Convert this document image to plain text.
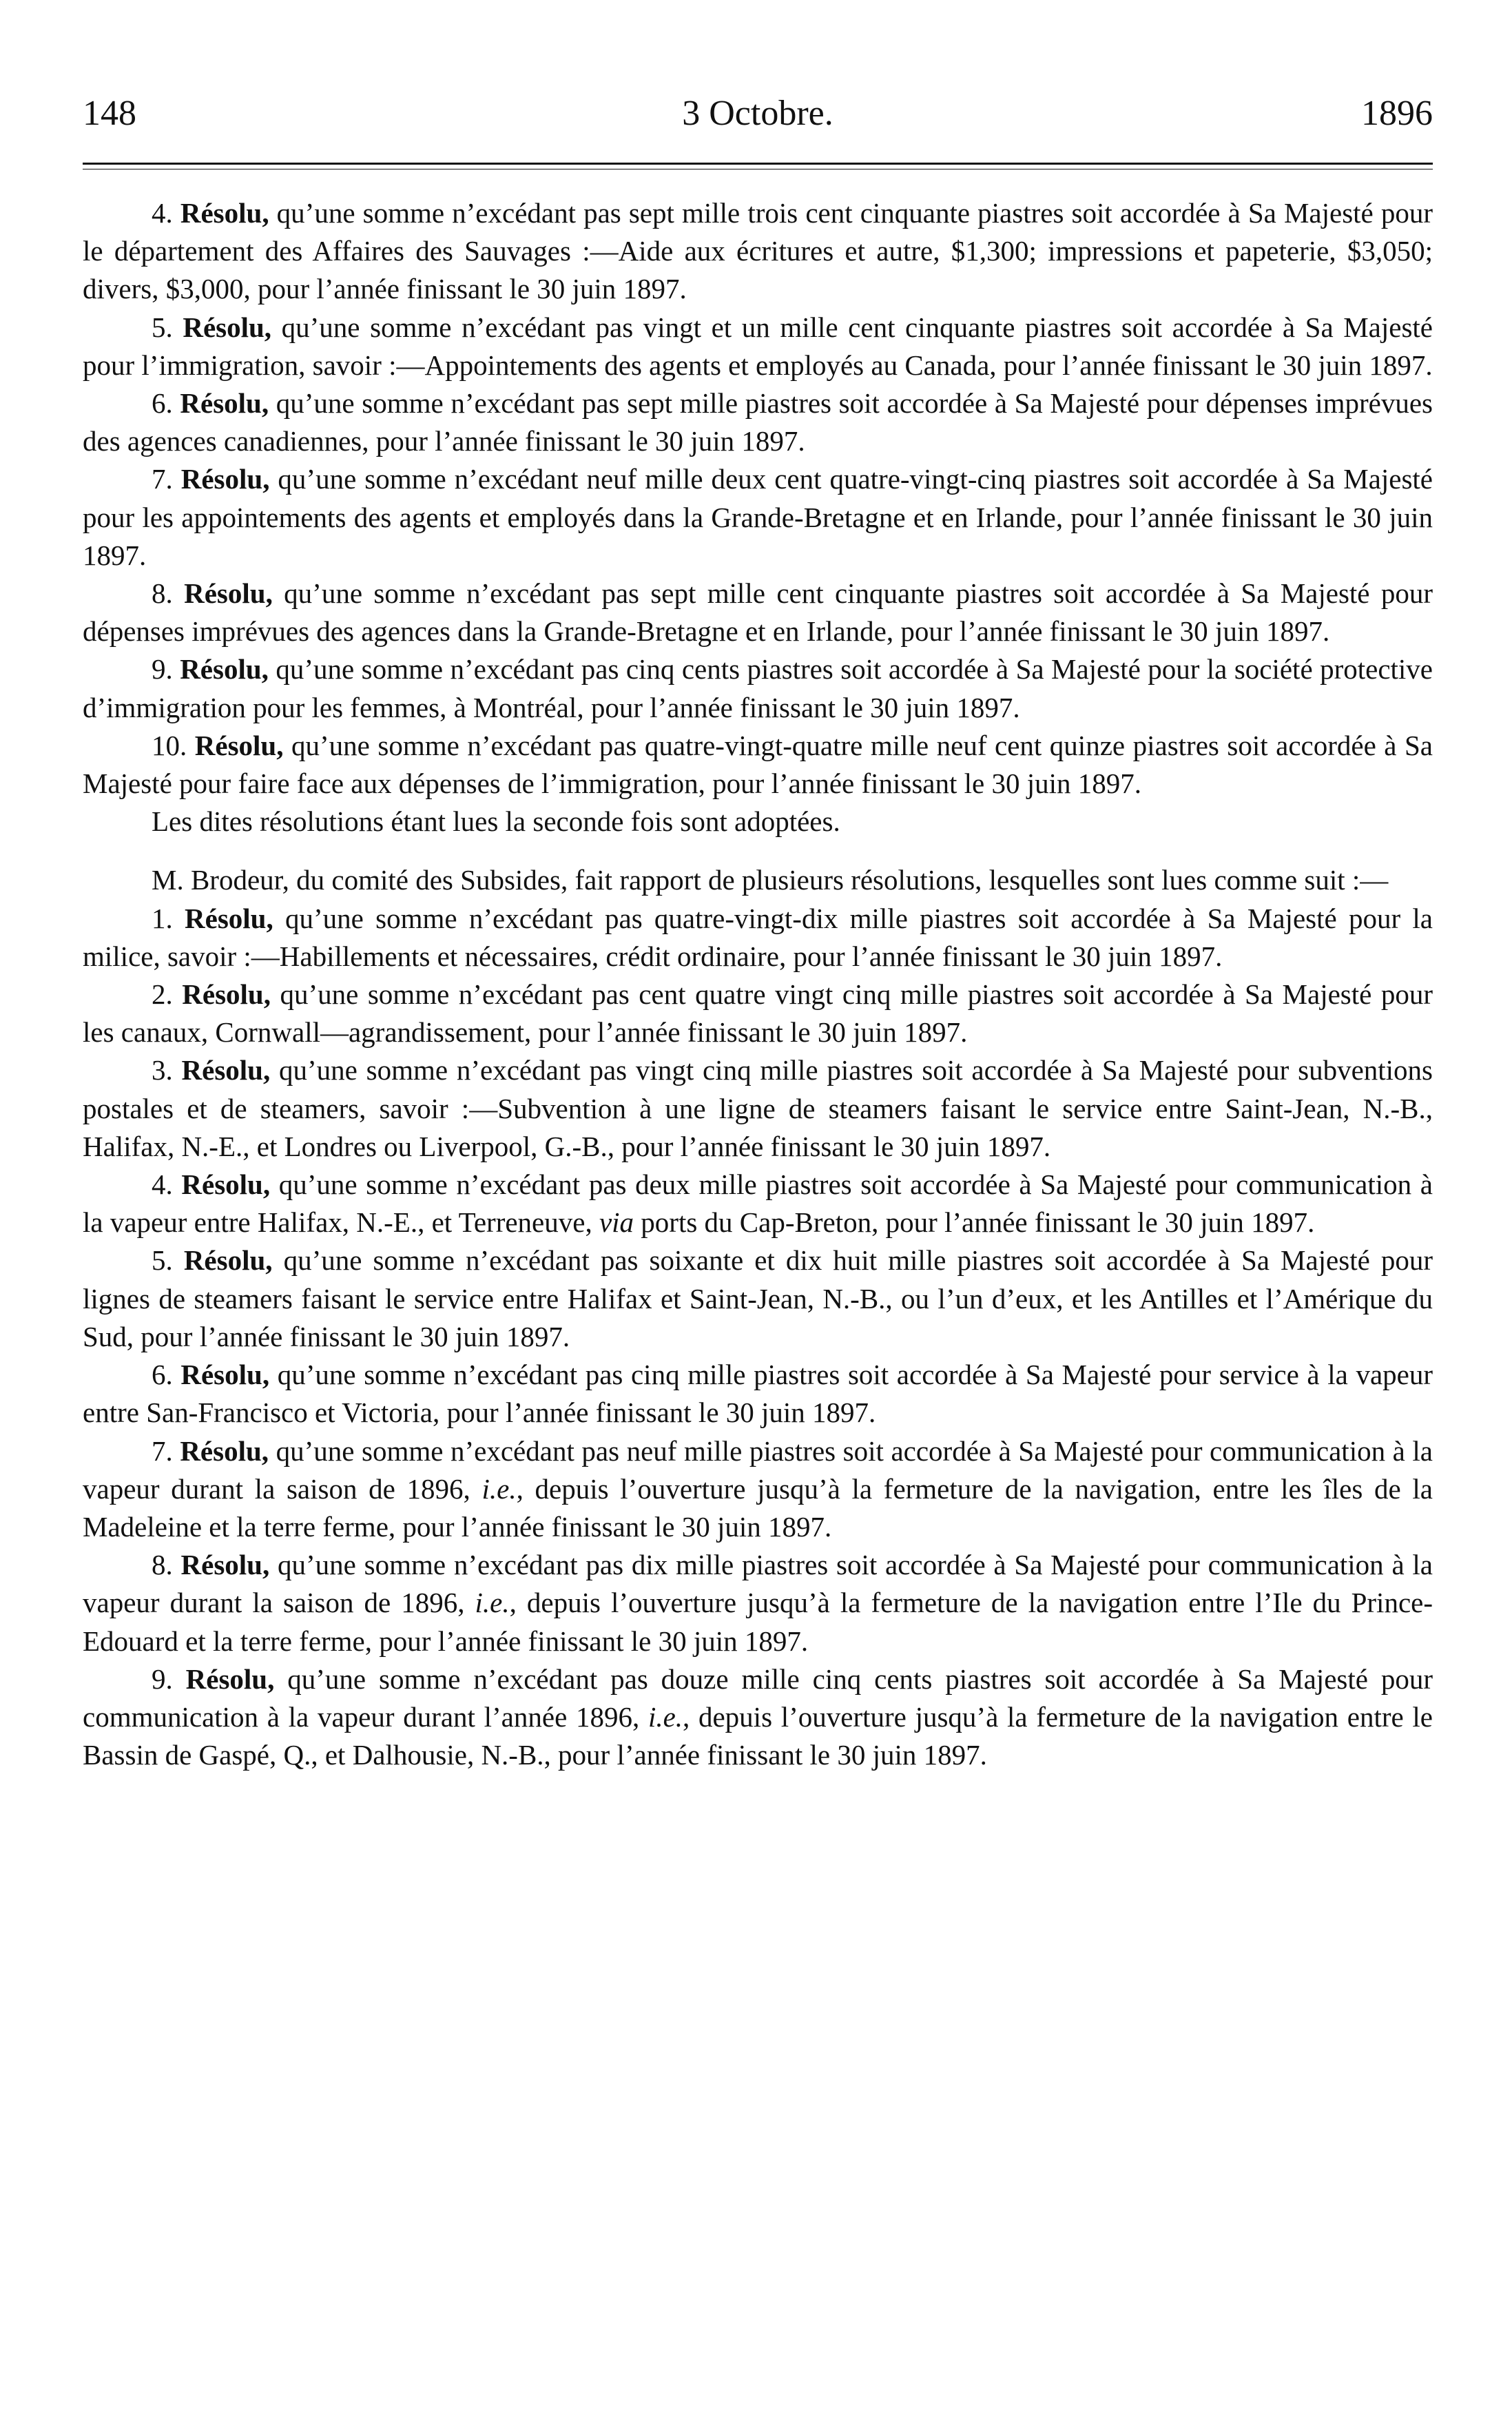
148	3 Octobre.	1896

4. Résolu, qu’une somme n’excédant pas sept mille trois cent cinquante piastres soit accordée à Sa Majesté pour le département des Affaires des Sauvages :—Aide aux écritures et autre, $1,300; impressions et papeterie, $3,050; divers, $3,000, pour l’année finissant le 30 juin 1897.

5. Résolu, qu’une somme n’excédant pas vingt et un mille cent cinquante piastres soit accordée à Sa Majesté pour l’immigration, savoir :—Appointements des agents et employés au Canada, pour l’année finissant le 30 juin 1897.

6. Résolu, qu’une somme n’excédant pas sept mille piastres soit accordée à Sa Majesté pour dépenses imprévues des agences canadiennes, pour l’année finissant le 30 juin 1897.

7. Résolu, qu’une somme n’excédant neuf mille deux cent quatre-vingt-cinq piastres soit accordée à Sa Majesté pour les appointements des agents et employés dans la Grande-Bretagne et en Irlande, pour l’année finissant le 30 juin 1897.

8. Résolu, qu’une somme n’excédant pas sept mille cent cinquante piastres soit accordée à Sa Majesté pour dépenses imprévues des agences dans la Grande-Bretagne et en Irlande, pour l’année finissant le 30 juin 1897.

9. Résolu, qu’une somme n’excédant pas cinq cents piastres soit accordée à Sa Majesté pour la société protective d’immigration pour les femmes, à Montréal, pour l’année finissant le 30 juin 1897.

10. Résolu, qu’une somme n’excédant pas quatre-vingt-quatre mille neuf cent quinze piastres soit accordée à Sa Majesté pour faire face aux dépenses de l’immigration, pour l’année finissant le 30 juin 1897.

Les dites résolutions étant lues la seconde fois sont adoptées.

M. Brodeur, du comité des Subsides, fait rapport de plusieurs résolutions, lesquelles sont lues comme suit :—

1. Résolu, qu’une somme n’excédant pas quatre-vingt-dix mille piastres soit accordée à Sa Majesté pour la milice, savoir :—Habillements et nécessaires, crédit ordinaire, pour l’année finissant le 30 juin 1897.

2. Résolu, qu’une somme n’excédant pas cent quatre vingt cinq mille piastres soit accordée à Sa Majesté pour les canaux, Cornwall—agrandissement, pour l’année finissant le 30 juin 1897.

3. Résolu, qu’une somme n’excédant pas vingt cinq mille piastres soit accordée à Sa Majesté pour subventions postales et de steamers, savoir :—Subvention à une ligne de steamers faisant le service entre Saint-Jean, N.-B., Halifax, N.-E., et Londres ou Liverpool, G.-B., pour l’année finissant le 30 juin 1897.

4. Résolu, qu’une somme n’excédant pas deux mille piastres soit accordée à Sa Majesté pour communication à la vapeur entre Halifax, N.-E., et Terreneuve, via ports du Cap-Breton, pour l’année finissant le 30 juin 1897.

5. Résolu, qu’une somme n’excédant pas soixante et dix huit mille piastres soit accordée à Sa Majesté pour lignes de steamers faisant le service entre Halifax et Saint-Jean, N.-B., ou l’un d’eux, et les Antilles et l’Amérique du Sud, pour l’année finissant le 30 juin 1897.

6. Résolu, qu’une somme n’excédant pas cinq mille piastres soit accordée à Sa Majesté pour service à la vapeur entre San-Francisco et Victoria, pour l’année finissant le 30 juin 1897.

7. Résolu, qu’une somme n’excédant pas neuf mille piastres soit accordée à Sa Majesté pour communication à la vapeur durant la saison de 1896, i.e., depuis l’ouverture jusqu’à la fermeture de la navigation, entre les îles de la Madeleine et la terre ferme, pour l’année finissant le 30 juin 1897.

8. Résolu, qu’une somme n’excédant pas dix mille piastres soit accordée à Sa Majesté pour communication à la vapeur durant la saison de 1896, i.e., depuis l’ouverture jusqu’à la fermeture de la navigation entre l’Ile du Prince-Edouard et la terre ferme, pour l’année finissant le 30 juin 1897.

9. Résolu, qu’une somme n’excédant pas douze mille cinq cents piastres soit accordée à Sa Majesté pour communication à la vapeur durant l’année 1896, i.e., depuis l’ouverture jusqu’à la fermeture de la navigation entre le Bassin de Gaspé, Q., et Dalhousie, N.-B., pour l’année finissant le 30 juin 1897.
